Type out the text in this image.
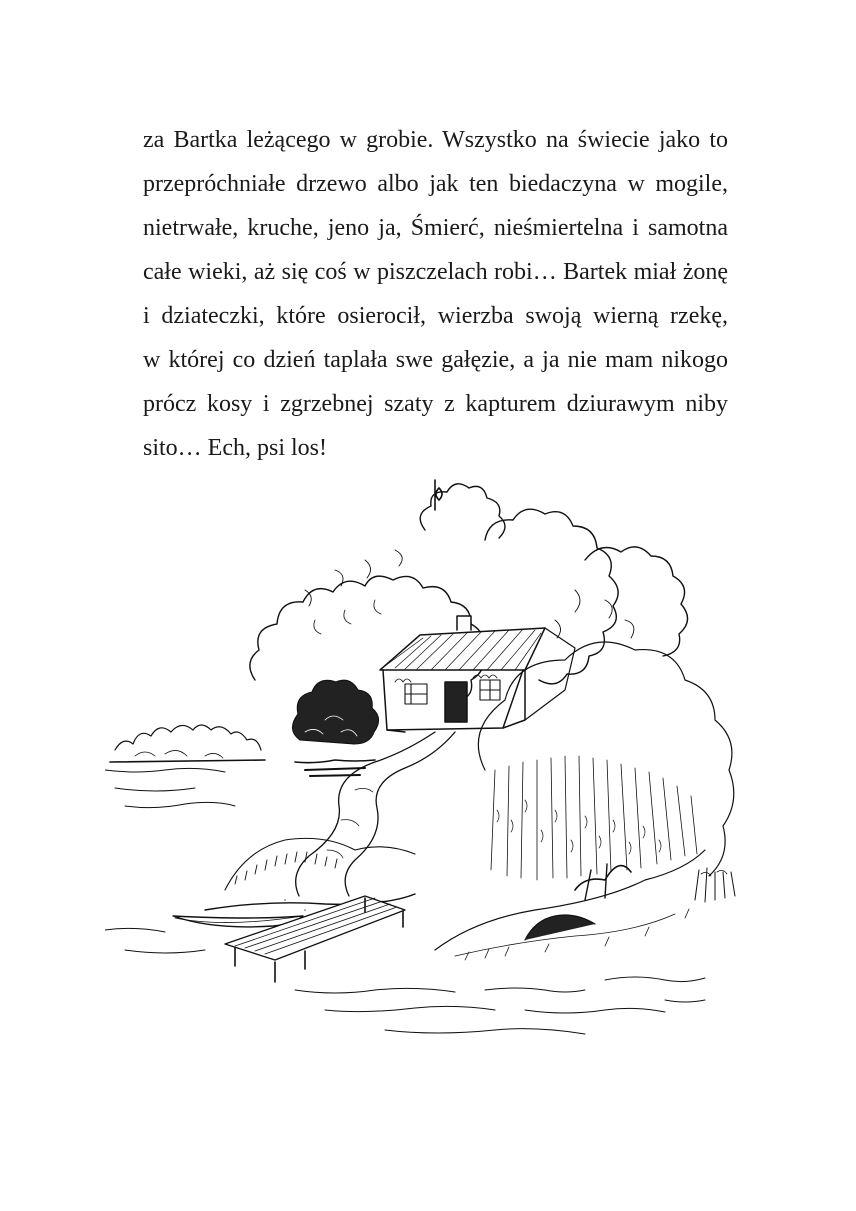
za Bartka leżącego w grobie. Wszystko na świecie jako to
przepróchniałe drzewo albo jak ten biedaczyna w mogile,
nietrwałe, kruche, jeno ja, Śmierć, nieśmiertelna i samotna
całe wieki, aż się coś w piszczelach robi… Bartek miał żonę
i dziateczki, które osierocił, wierzba swoją wierną rzekę,
w której co dzień taplała swe gałęzie, a ja nie mam nikogo
prócz kosy i zgrzebnej szaty z kapturem dziurawym niby
sito… Ech, psi los!
